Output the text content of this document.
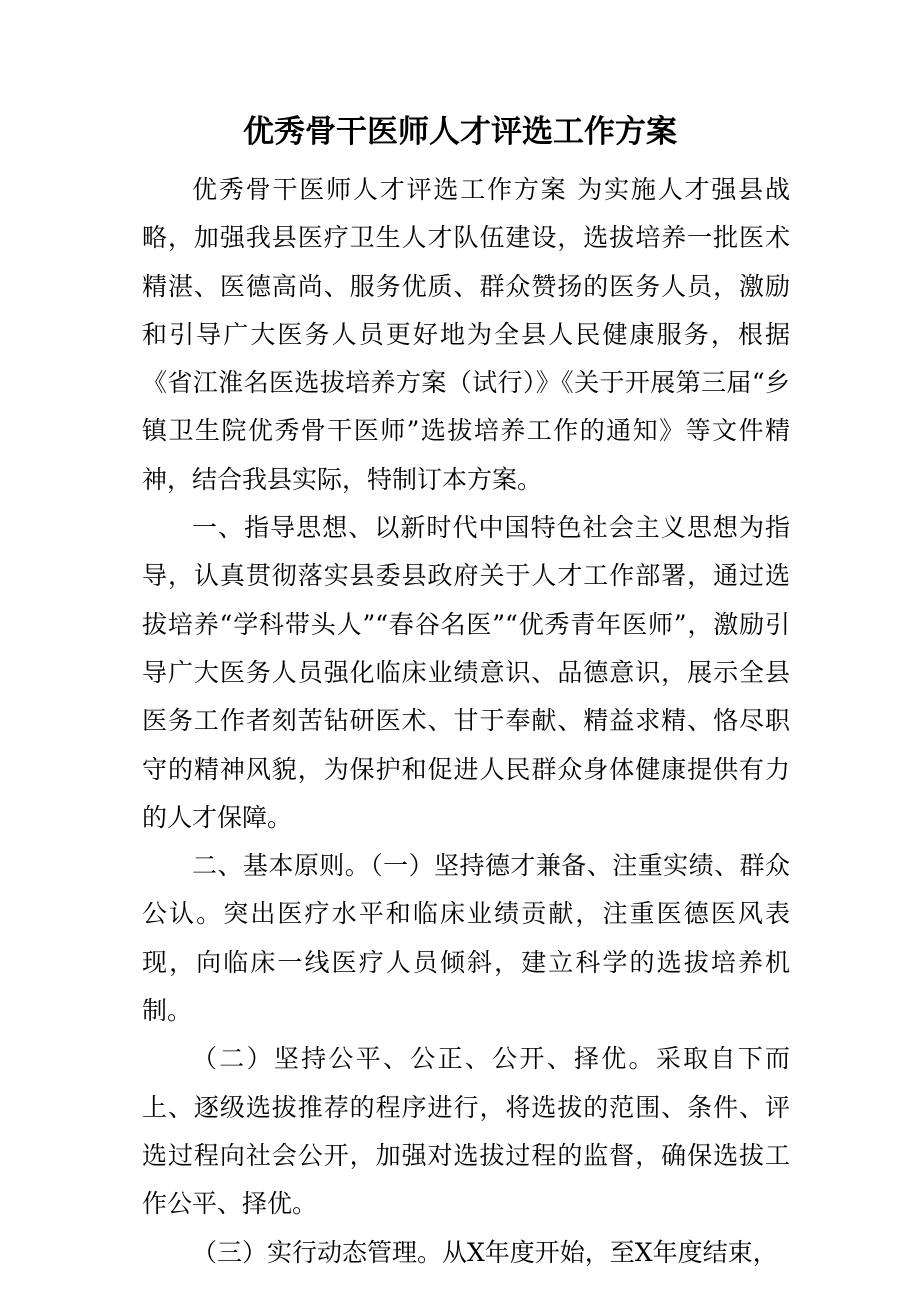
优秀骨干医师人才评选工作方案

优秀骨干医师人才评选工作方案 为实施人才强县战略，加强我县医疗卫生人才队伍建设，选拔培养一批医术精湛、医德高尚、服务优质、群众赞扬的医务人员，激励和引导广大医务人员更好地为全县人民健康服务，根据《省江淮名医选拔培养方案（试行）》《关于开展第三届“乡镇卫生院优秀骨干医师”选拔培养工作的通知》等文件精神，结合我县实际，特制订本方案。

一、指导思想、以新时代中国特色社会主义思想为指导，认真贯彻落实县委县政府关于人才工作部署，通过选拔培养“学科带头人”“春谷名医”“优秀青年医师”，激励引导广大医务人员强化临床业绩意识、品德意识，展示全县医务工作者刻苦钻研医术、甘于奉献、精益求精、恪尽职守的精神风貌，为保护和促进人民群众身体健康提供有力的人才保障。

二、基本原则。（一）坚持德才兼备、注重实绩、群众公认。突出医疗水平和临床业绩贡献，注重医德医风表现，向临床一线医疗人员倾斜，建立科学的选拔培养机制。

（二）坚持公平、公正、公开、择优。采取自下而上、逐级选拔推荐的程序进行，将选拔的范围、条件、评选过程向社会公开，加强对选拔过程的监督，确保选拔工作公平、择优。

（三）实行动态管理。从X年度开始，至X年度结束，
